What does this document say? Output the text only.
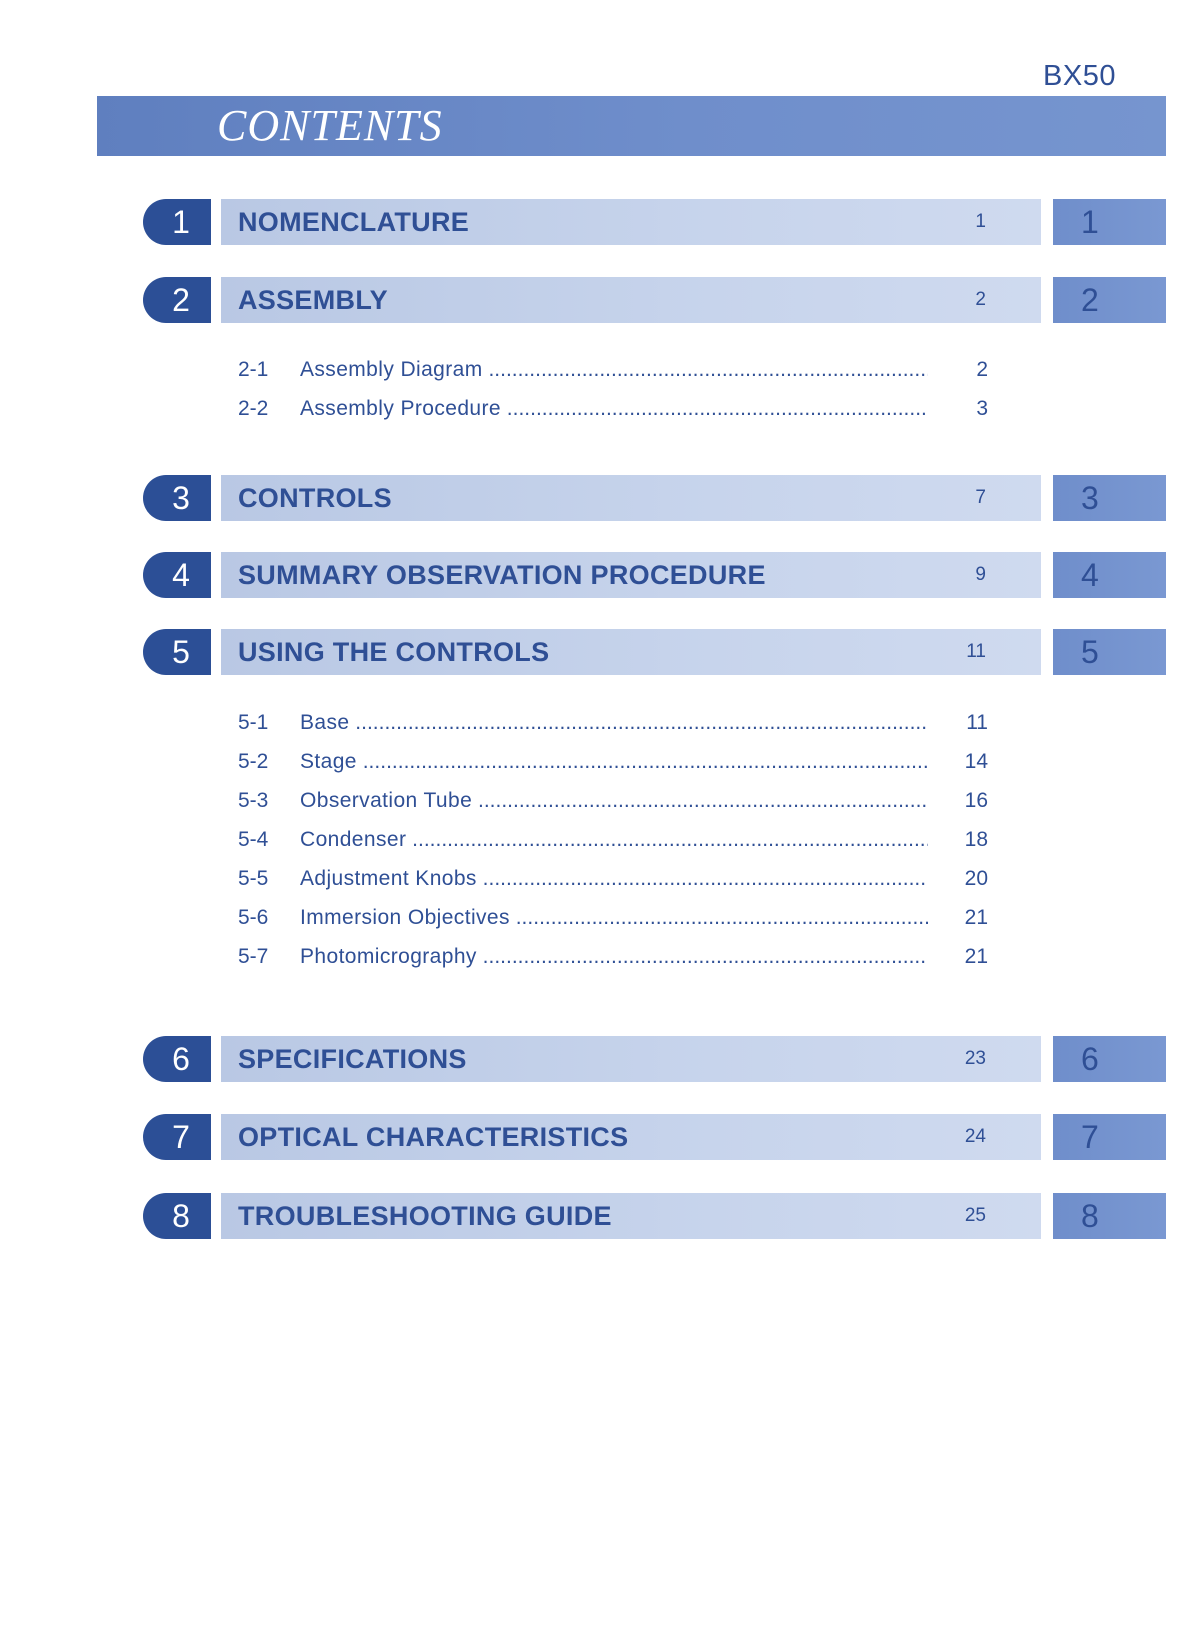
BX50
CONTENTS
1	NOMENCLATURE	1	1
2	ASSEMBLY	2	2
2-1	Assembly Diagram .....	2
2-2	Assembly Procedure .....	3
3	CONTROLS	7	3
4	SUMMARY OBSERVATION PROCEDURE	9	4
5	USING THE CONTROLS	11	5
5-1	Base .....	11
5-2	Stage .....	14
5-3	Observation Tube .....	16
5-4	Condenser .....	18
5-5	Adjustment Knobs .....	20
5-6	Immersion Objectives .....	21
5-7	Photomicrography .....	21
6	SPECIFICATIONS	23	6
7	OPTICAL CHARACTERISTICS	24	7
8	TROUBLESHOOTING GUIDE	25	8
